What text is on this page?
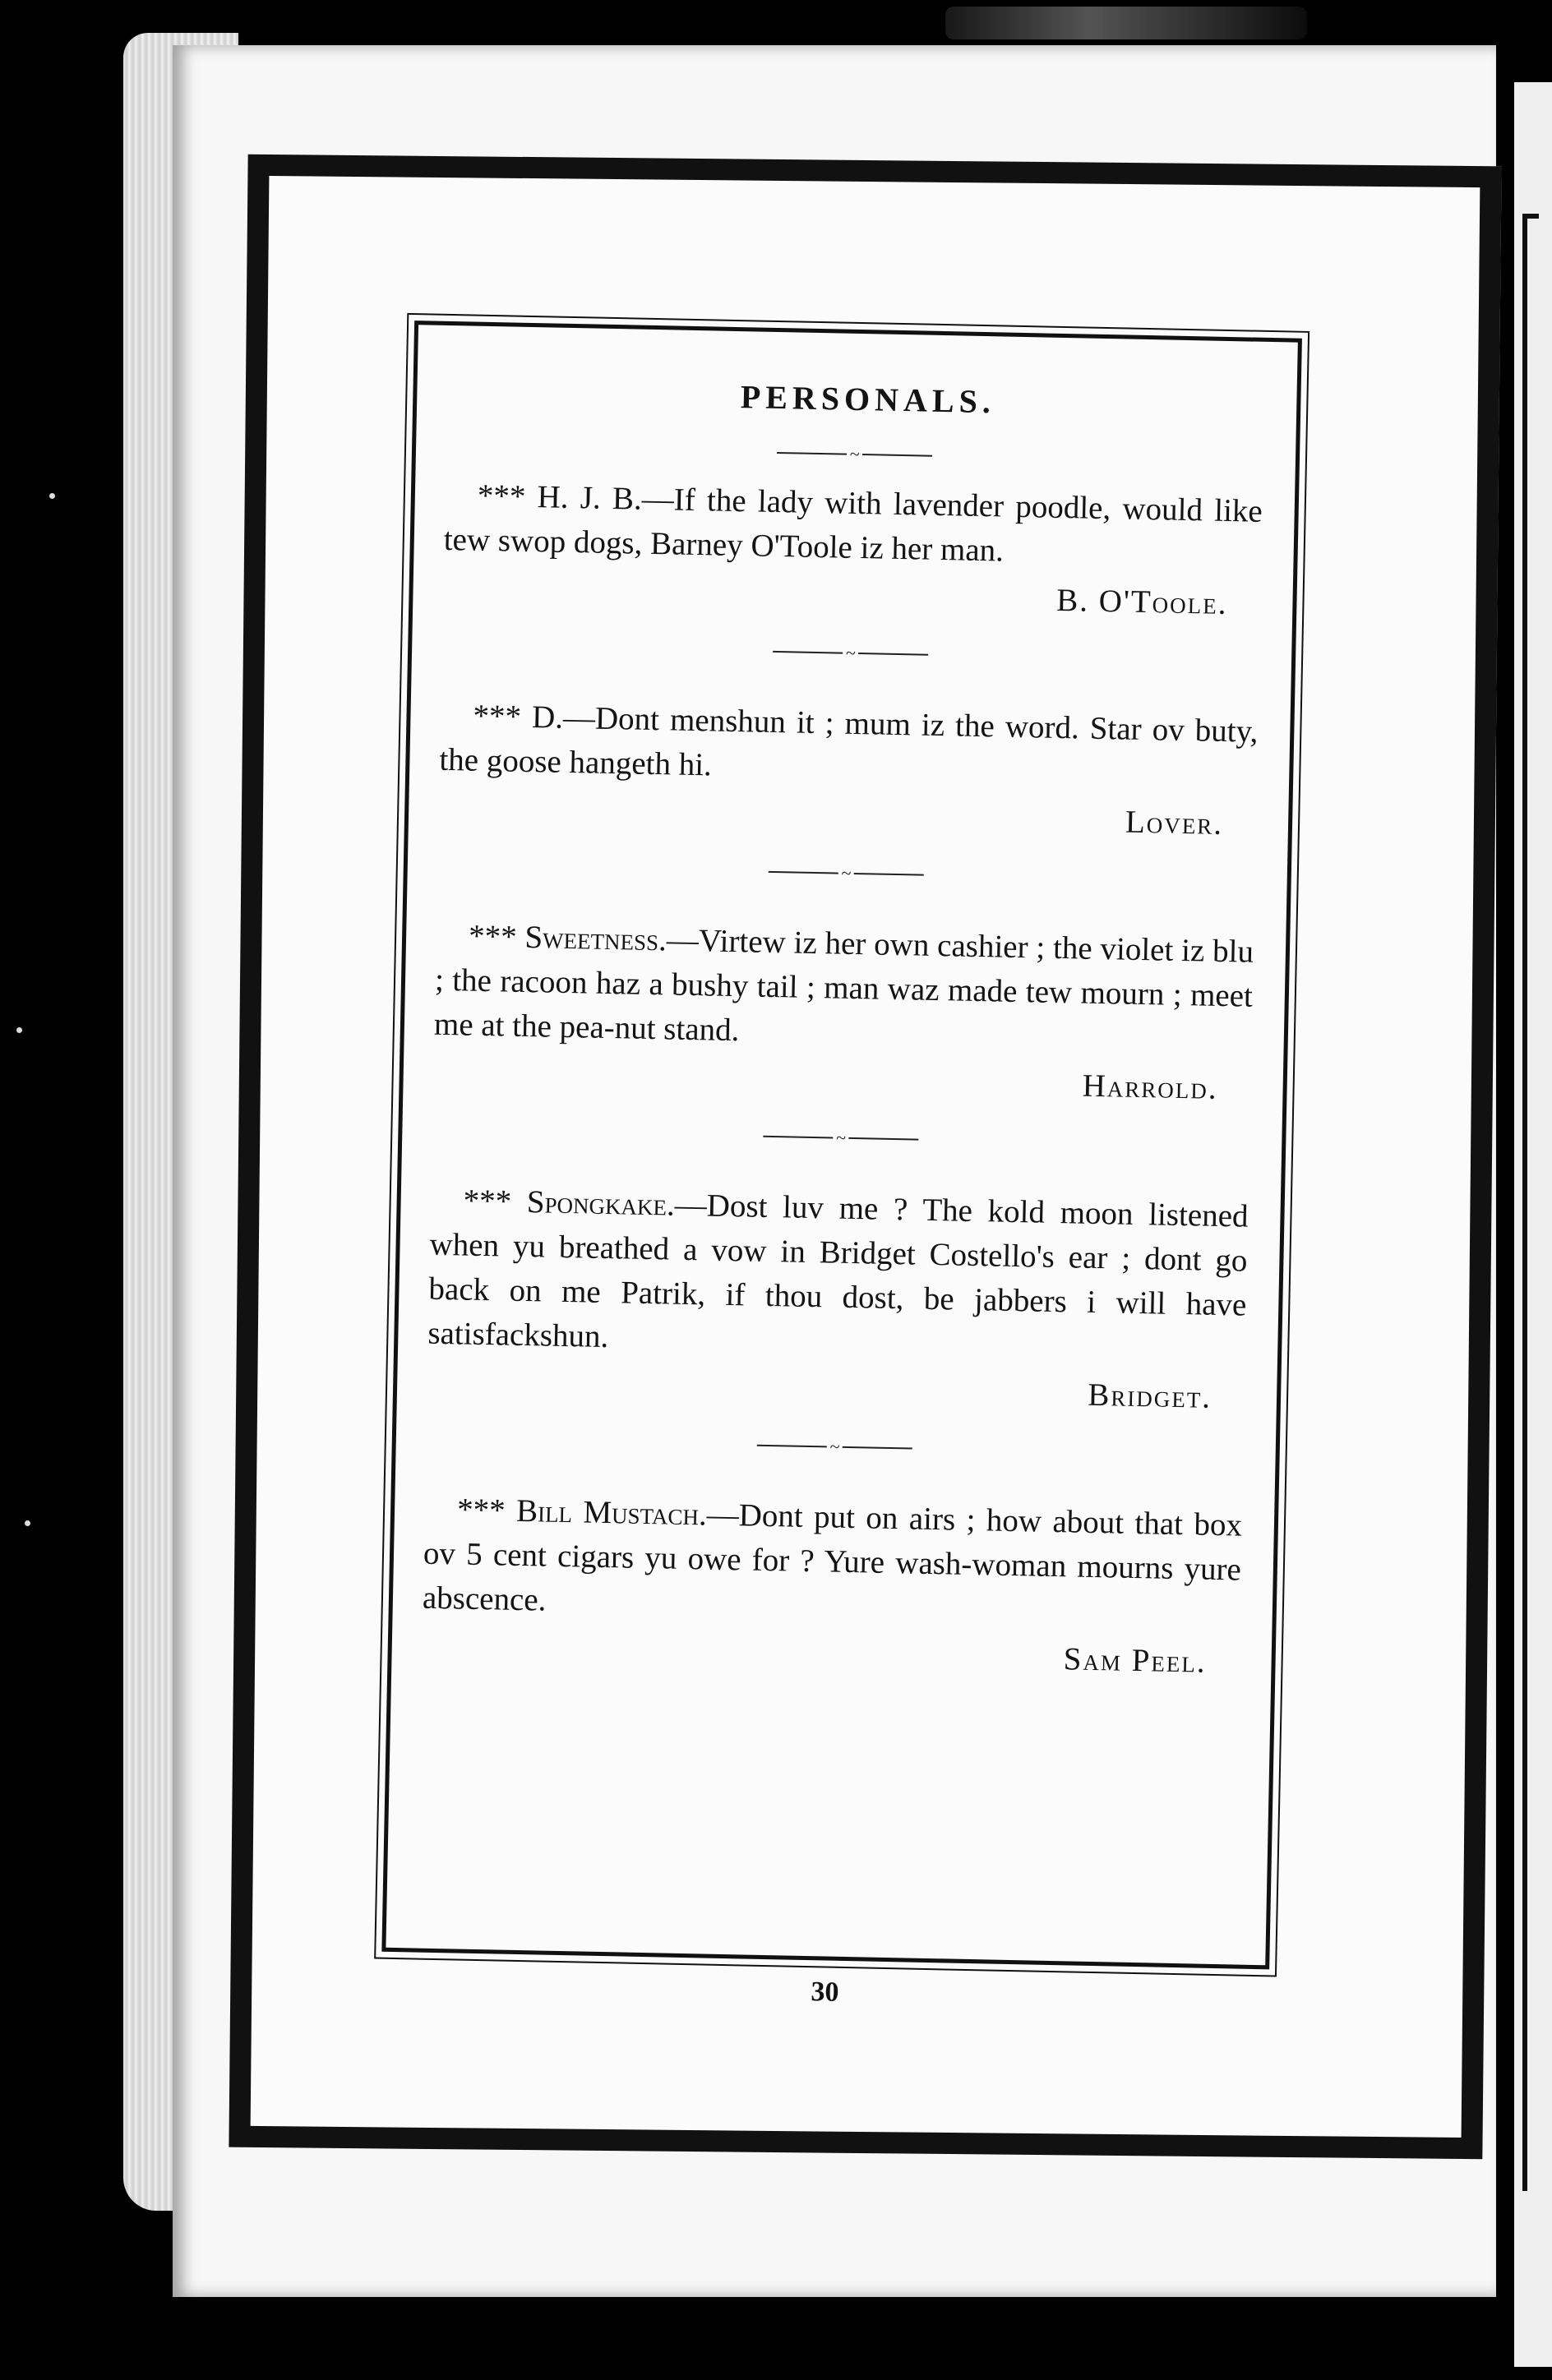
PERSONALS.
~

*** H. J. B.—If the lady with lavender poodle, would like tew swop dogs, Barney O'Toole iz her man.

B. O'Toole.
~

*** D.—Dont menshun it ; mum iz the word. Star ov buty, the goose hangeth hi.

Lover.
~

*** Sweetness.—Virtew iz her own cashier ; the violet iz blu ; the racoon haz a bushy tail ; man waz made tew mourn ; meet me at the pea-nut stand.

Harrold.
~

*** Spongkake.—Dost luv me ? The kold moon listened when yu breathed a vow in Bridget Costello's ear ; dont go back on me Patrik, if thou dost, be jabbers i will have satisfackshun.

Bridget.
~

*** Bill Mustach.—Dont put on airs ; how about that box ov 5 cent cigars yu owe for ? Yure wash-woman mourns yure abscence.

Sam Peel.
30
